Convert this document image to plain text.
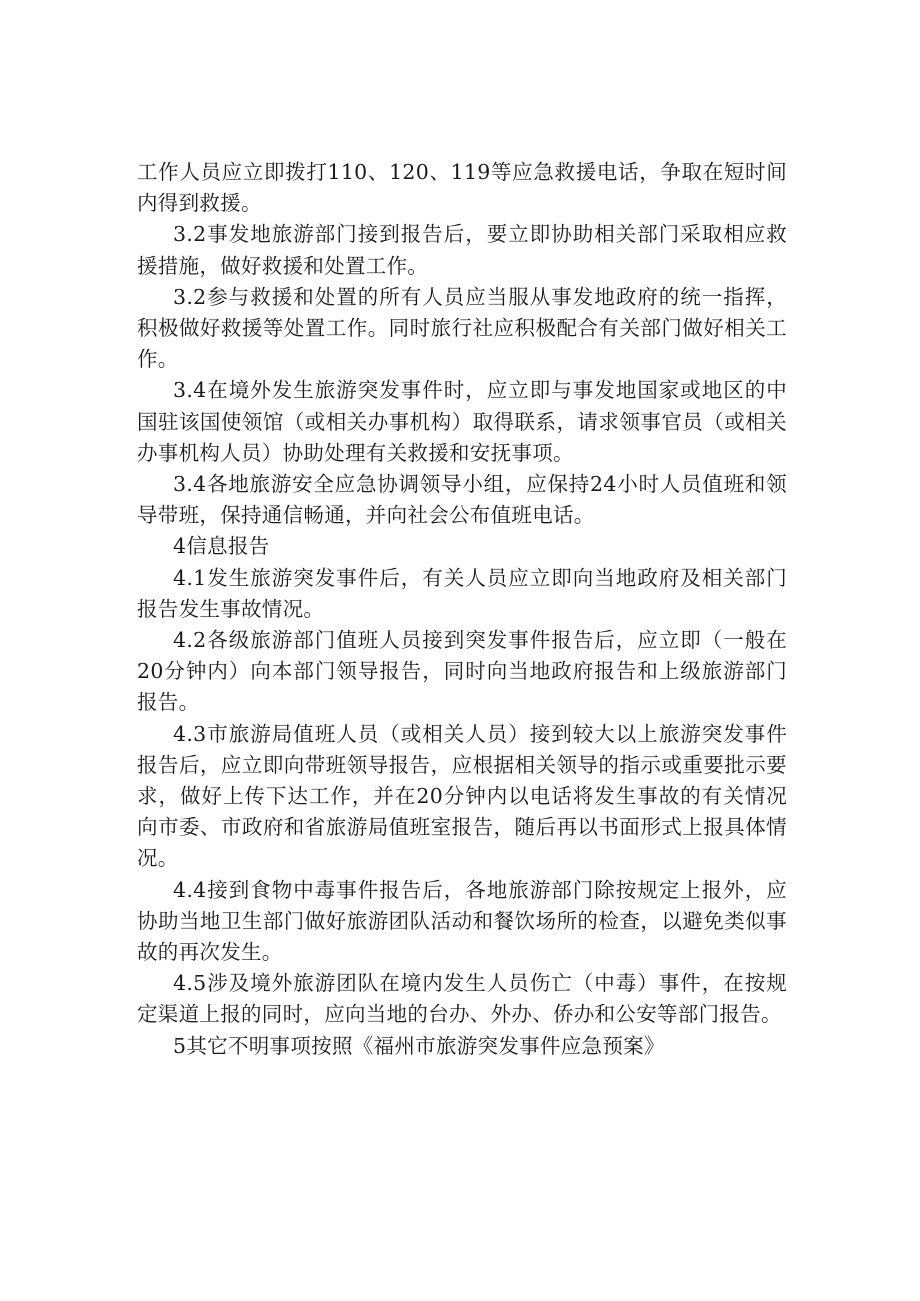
工作人员应立即拨打110、120、119等应急救援电话，争取在短时间内得到救援。

3.2事发地旅游部门接到报告后，要立即协助相关部门采取相应救援措施，做好救援和处置工作。

3.2参与救援和处置的所有人员应当服从事发地政府的统一指挥，积极做好救援等处置工作。同时旅行社应积极配合有关部门做好相关工作。

3.4在境外发生旅游突发事件时，应立即与事发地国家或地区的中国驻该国使领馆（或相关办事机构）取得联系，请求领事官员（或相关办事机构人员）协助处理有关救援和安抚事项。

3.4各地旅游安全应急协调领导小组，应保持24小时人员值班和领导带班，保持通信畅通，并向社会公布值班电话。

4信息报告

4.1发生旅游突发事件后，有关人员应立即向当地政府及相关部门报告发生事故情况。

4.2各级旅游部门值班人员接到突发事件报告后，应立即（一般在20分钟内）向本部门领导报告，同时向当地政府报告和上级旅游部门报告。

4.3市旅游局值班人员（或相关人员）接到较大以上旅游突发事件报告后，应立即向带班领导报告，应根据相关领导的指示或重要批示要求，做好上传下达工作，并在20分钟内以电话将发生事故的有关情况向市委、市政府和省旅游局值班室报告，随后再以书面形式上报具体情况。

4.4接到食物中毒事件报告后，各地旅游部门除按规定上报外，应协助当地卫生部门做好旅游团队活动和餐饮场所的检查，以避免类似事故的再次发生。

4.5涉及境外旅游团队在境内发生人员伤亡（中毒）事件，在按规定渠道上报的同时，应向当地的台办、外办、侨办和公安等部门报告。

5其它不明事项按照《福州市旅游突发事件应急预案》
